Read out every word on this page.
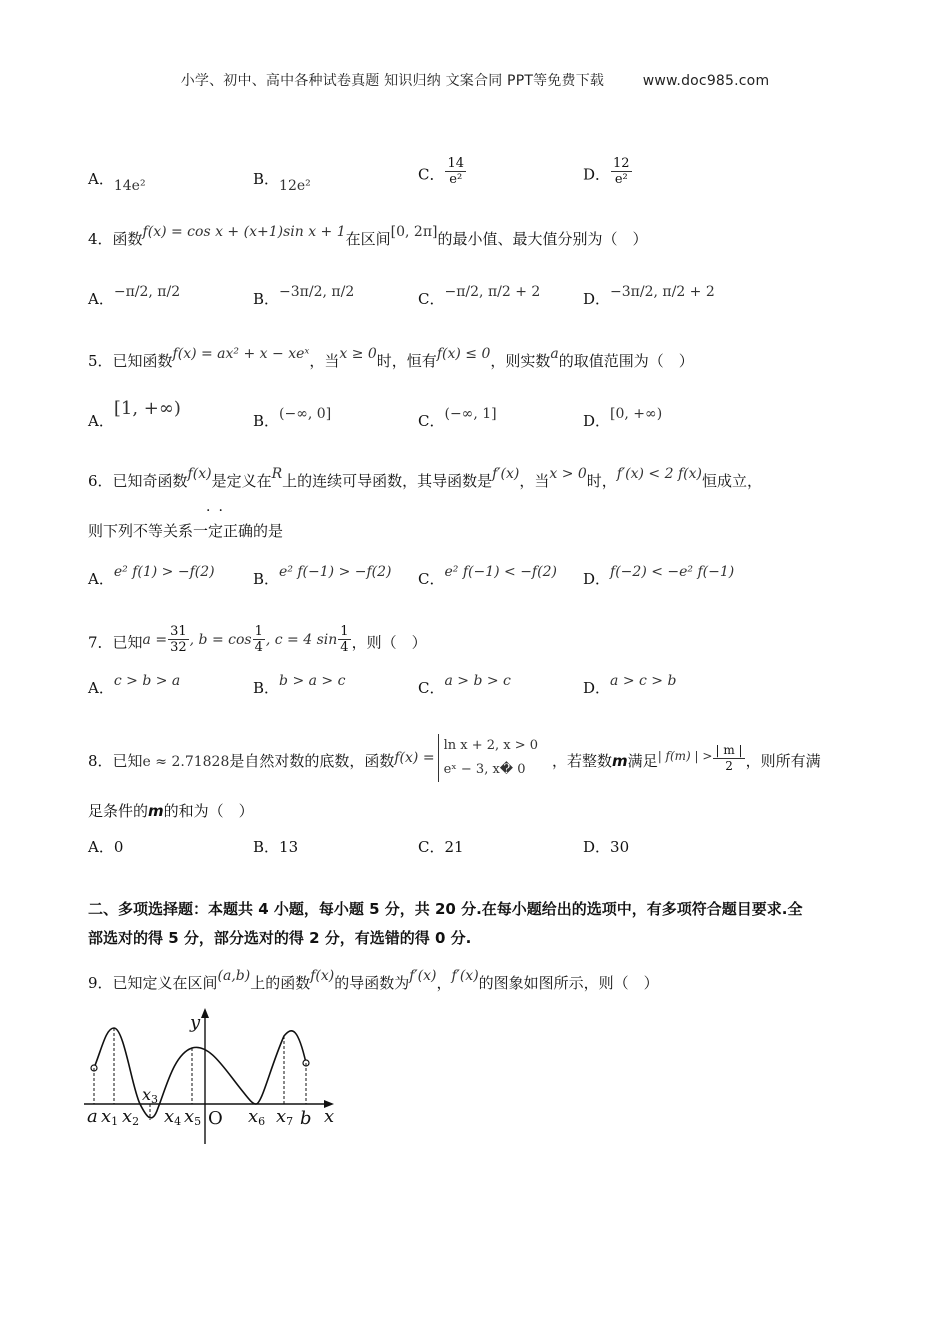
小学、初中、高中各种试卷真题 知识归纳 文案合同 PPT等免费下载	www.doc985.com
A．14e²	B．12e²
C． $\frac{14}{\text{e²}}$	D． $\frac{12}{\text{e²}}$
4．函数f(x) = cos x + (x+1)sin x + 1在区间[0, 2π]的最小值、最大值分别为（　）
A．−π/2, π/2	B．−3π/2, π/2	C．−π/2, π/2 + 2	D．−3π/2, π/2 + 2
5．已知函数f(x) = ax² + x − xeˣ，当x ≥ 0时，恒有f(x) ≤ 0，则实数a的取值范围为（　）
A．[1, +∞)
B．(−∞, 0]	C．(−∞, 1]	D．[0, +∞)
6．已知奇函数f(x)是定义在R上的连续可导函数，其导函数是f′(x)，当x > 0时，f′(x) < 2 f(x)恒成立，
··
则下列不等关系一定正确的是
A．e² f(1) > −f(2)	B．e² f(−1) > −f(2) C．e² f(−1) < −f(2) D．f(−2) < −e² f(−1)
7．已知$a = \frac{31}{32}$ , $b = \cos \frac{1}{4}$ , c = 4 $\sin \frac{1}{4}$ ，则（　）
A．c > b > a	B．b > a > c	C．a > b > c	D．a > c > b
8．已知e ≈ 2.71828是自然对数的底数，函数f(x) =ln x + 2, x > 0
eˣ − 3, x� 0 ，若整数m满足$^{| f(m) | >} \frac{| m |}{2}$ ，则所有满
足条件的m的和为（　）
A．0	B．13	C．21	D．30
二、多项选择题：本题共 4 小题，每小题 5 分，共 20 分.在每小题给出的选项中，有多项符合题目要求.全
部选对的得 5 分，部分选对的得 2 分，有选错的得 0 分.
9．已知定义在区间(a,b)上的函数f(x)的导函数为f′(x)，f′(x)的图象如图所示，则（　）
y
x
O
a x1 x2
x3
x4 x5	x6 x7 b
